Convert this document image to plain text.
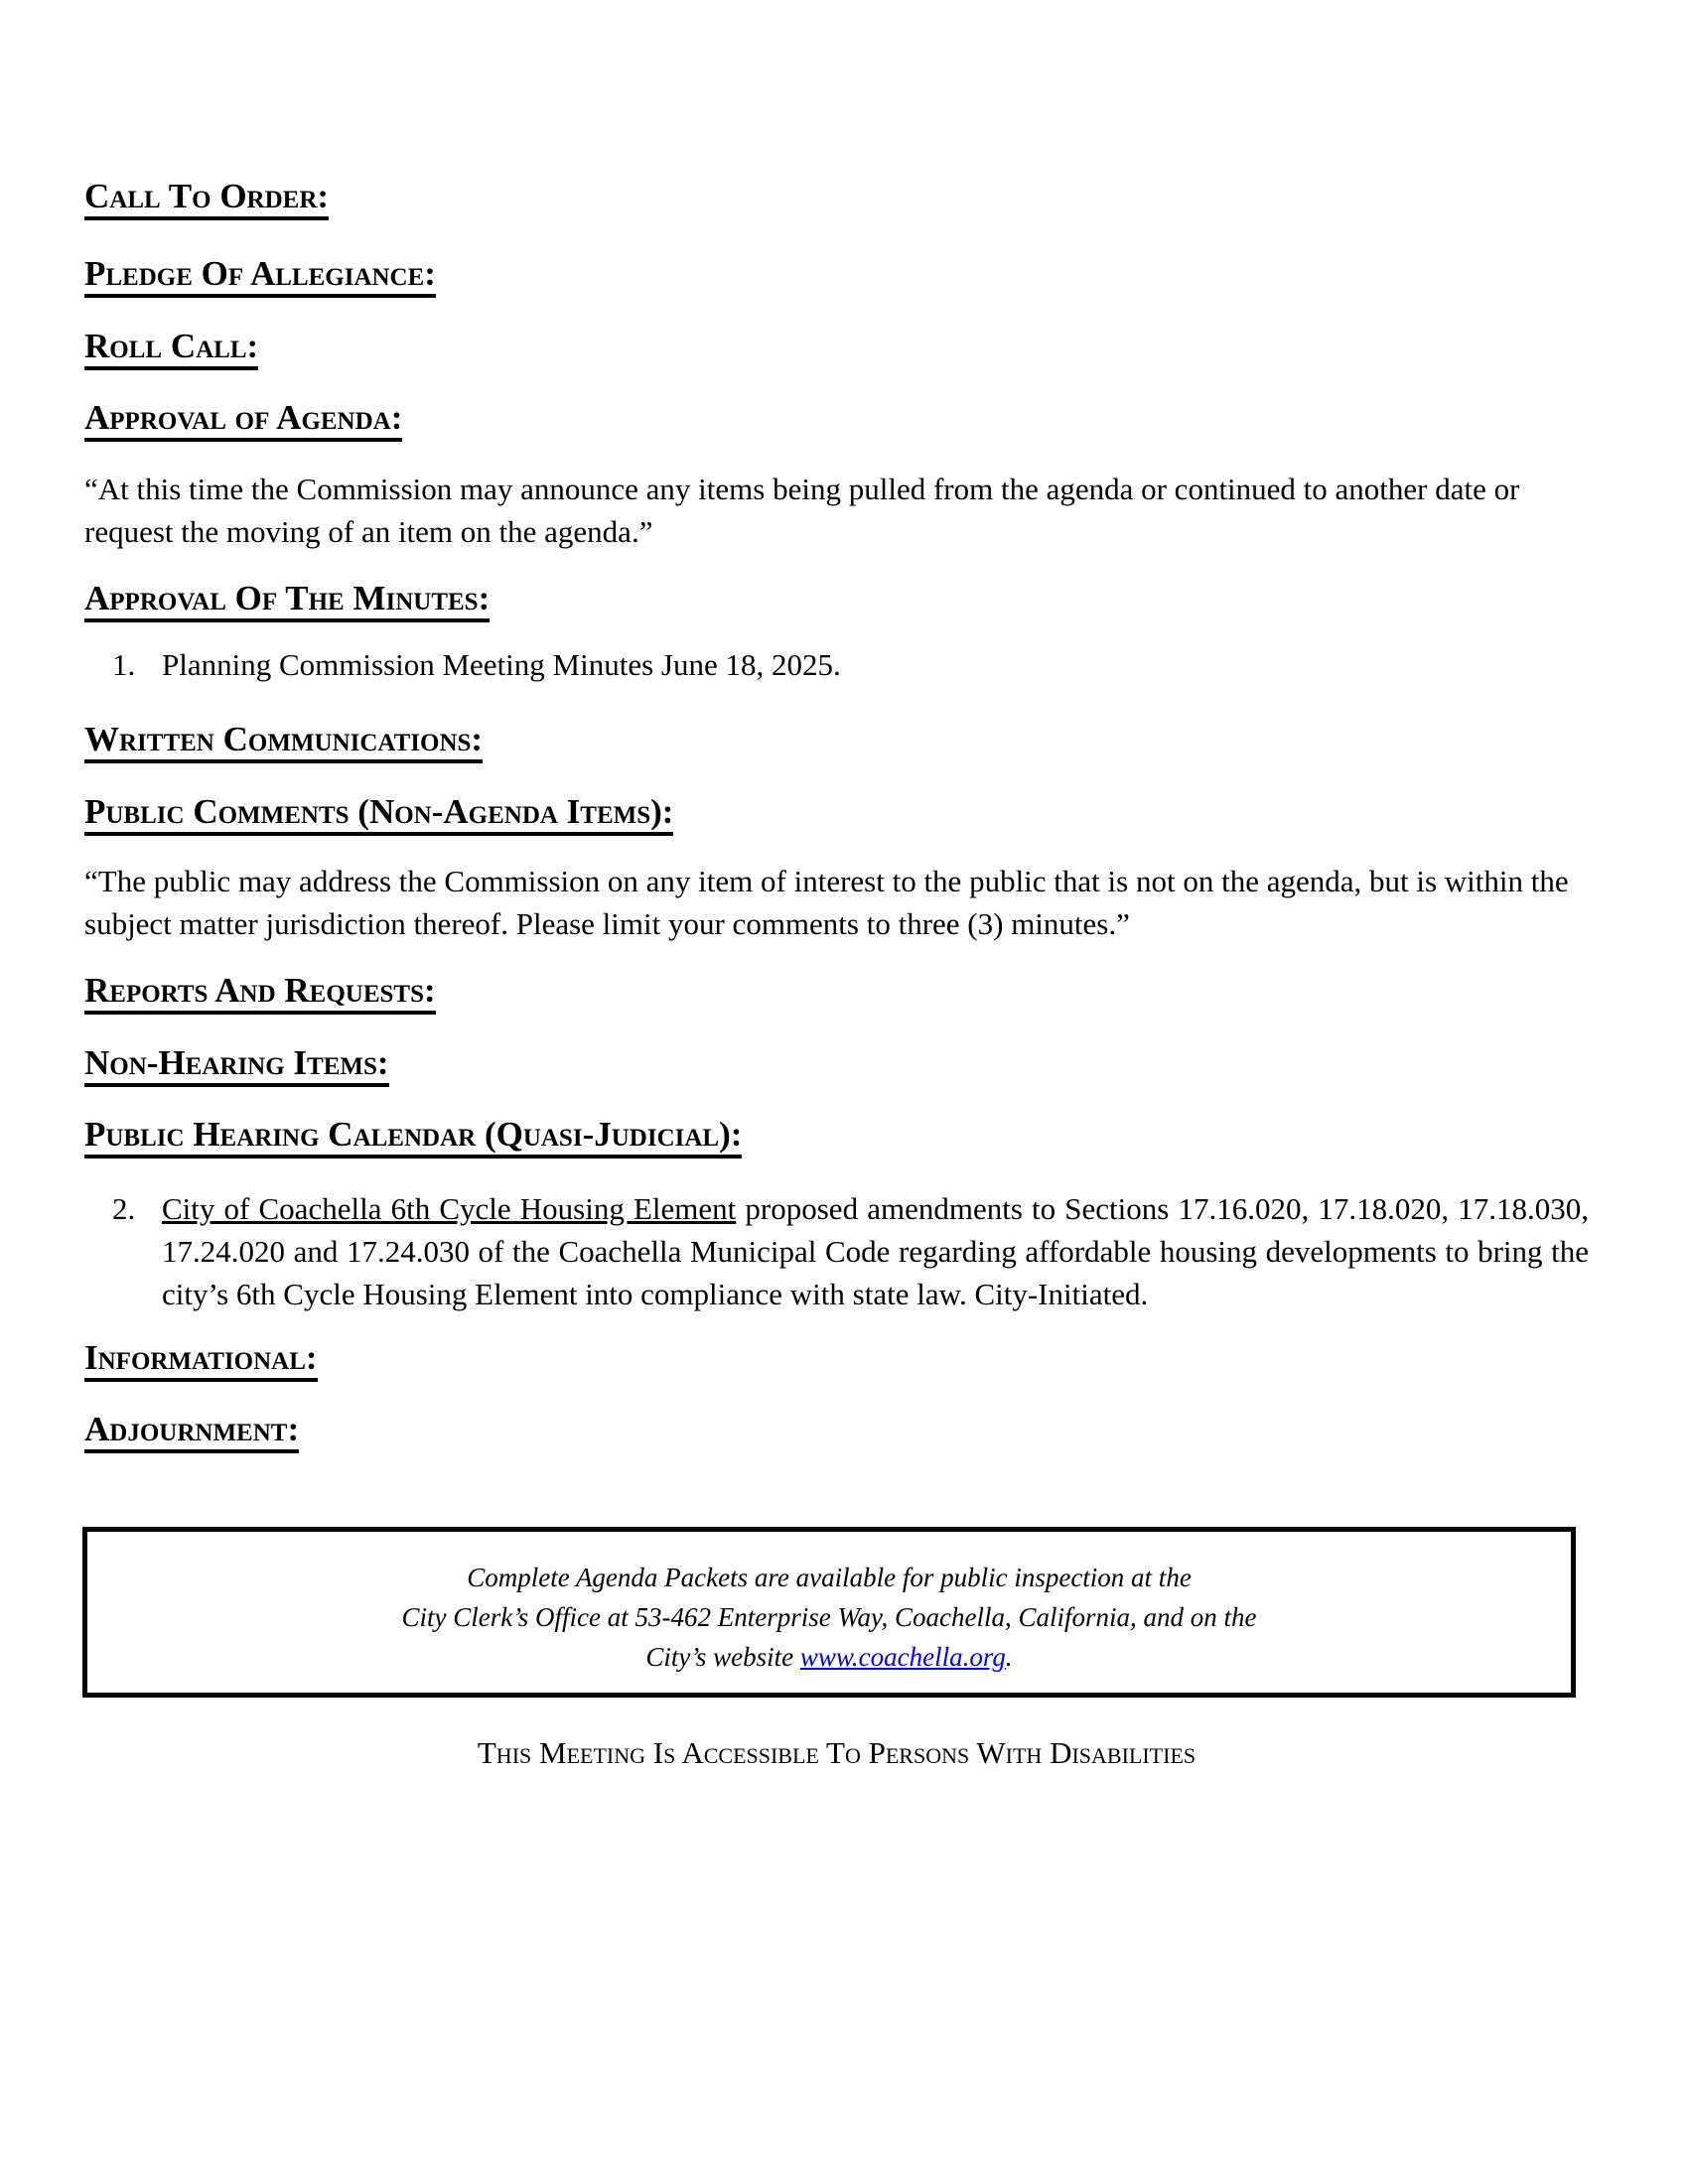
Call To Order:
Pledge Of Allegiance:
Roll Call:
Approval of Agenda:

“At this time the Commission may announce any items being pulled from the agenda or continued to another date or request the moving of an item on the agenda.”

Approval Of The Minutes:
1. Planning Commission Meeting Minutes June 18, 2025.
Written Communications:
Public Comments (Non-Agenda Items):

“The public may address the Commission on any item of interest to the public that is not on the agenda, but is within the subject matter jurisdiction thereof. Please limit your comments to three (3) minutes.”

Reports And Requests:
Non-Hearing Items:
Public Hearing Calendar (Quasi-Judicial):
2. City of Coachella 6th Cycle Housing Element proposed amendments to Sections 17.16.020, 17.18.020, 17.18.030, 17.24.020 and 17.24.030 of the Coachella Municipal Code regarding affordable housing developments to bring the city’s 6th Cycle Housing Element into compliance with state law. City-Initiated.
Informational:
Adjournment:
Complete Agenda Packets are available for public inspection at the
City Clerk’s Office at 53-462 Enterprise Way, Coachella, California, and on the
City’s website www.coachella.org.

This Meeting Is Accessible To Persons With Disabilities
